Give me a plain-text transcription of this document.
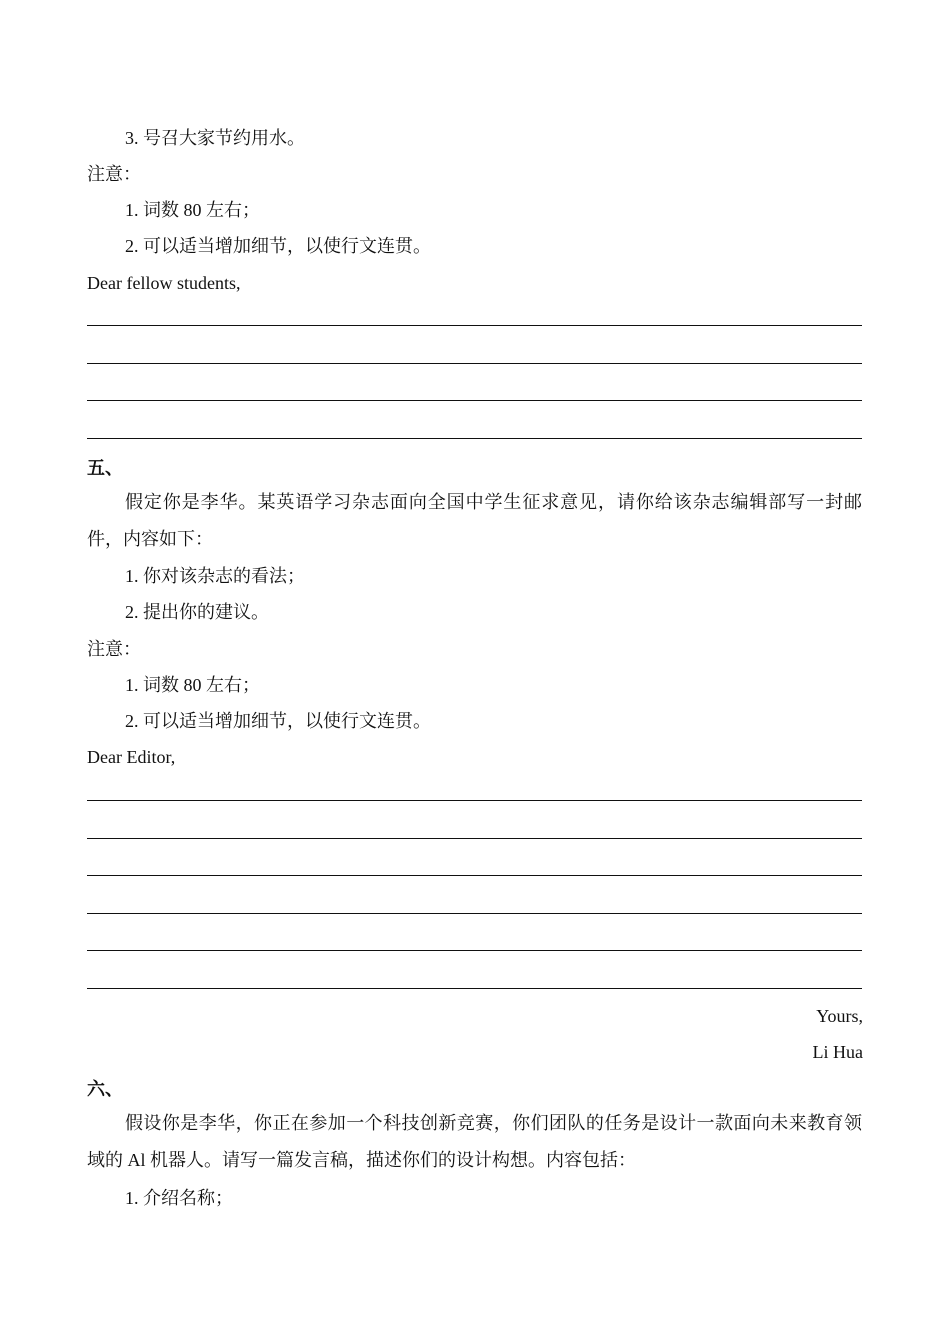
3. 号召大家节约用水。
注意：
1. 词数 80 左右；
2. 可以适当增加细节，以使行文连贯。
Dear fellow students,
五、
假定你是李华。某英语学习杂志面向全国中学生征求意见，请你给该杂志编辑部写一封邮件，内容如下：
1. 你对该杂志的看法；
2. 提出你的建议。
注意：
1. 词数 80 左右；
2. 可以适当增加细节，以使行文连贯。
Dear Editor,
Yours,
Li Hua
六、
假设你是李华，你正在参加一个科技创新竞赛，你们团队的任务是设计一款面向未来教育领域的 Al 机器人。请写一篇发言稿，描述你们的设计构想。内容包括：
1. 介绍名称；
